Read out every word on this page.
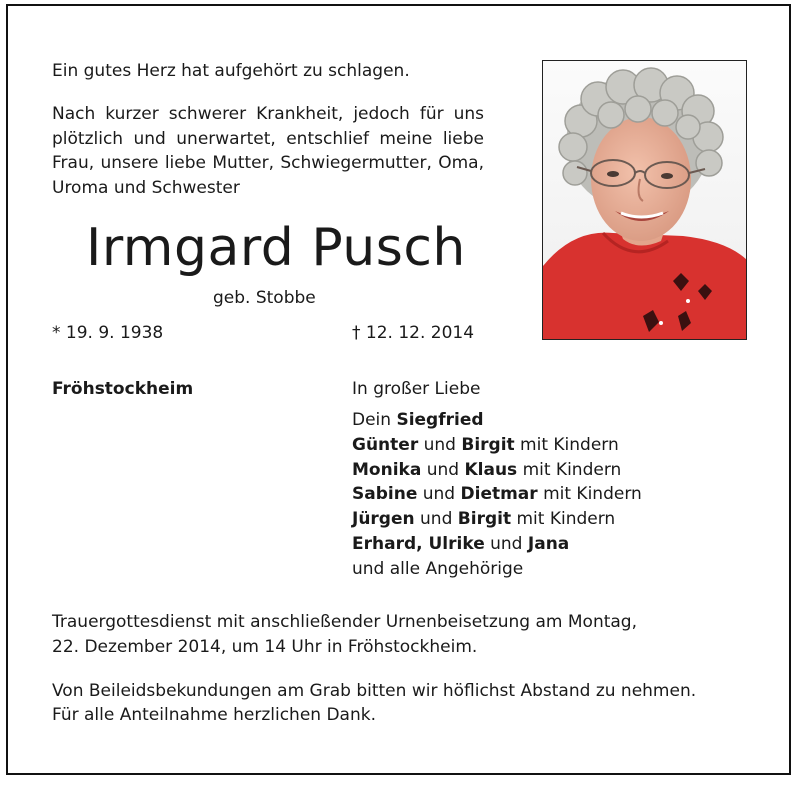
Ein gutes Herz hat aufgehört zu schlagen.
Nach kurzer schwerer Krankheit, jedoch für uns plötzlich und unerwartet, entschlief meine liebe Frau, unsere liebe Mutter, Schwiegermutter, Oma, Uroma und Schwester
Irmgard Pusch
geb. Stobbe
* 19. 9. 1938	† 12. 12. 2014
Fröhstockheim	In großer Liebe
Dein Siegfried
Günter und Birgit mit Kindern
Monika und Klaus mit Kindern
Sabine und Dietmar mit Kindern
Jürgen und Birgit mit Kindern
Erhard, Ulrike und Jana
und alle Angehörige
Trauergottesdienst mit anschließender Urnenbeisetzung am Montag,
22. Dezember 2014, um 14 Uhr in Fröhstockheim.
Von Beileidsbekundungen am Grab bitten wir höflichst Abstand zu nehmen.
Für alle Anteilnahme herzlichen Dank.
